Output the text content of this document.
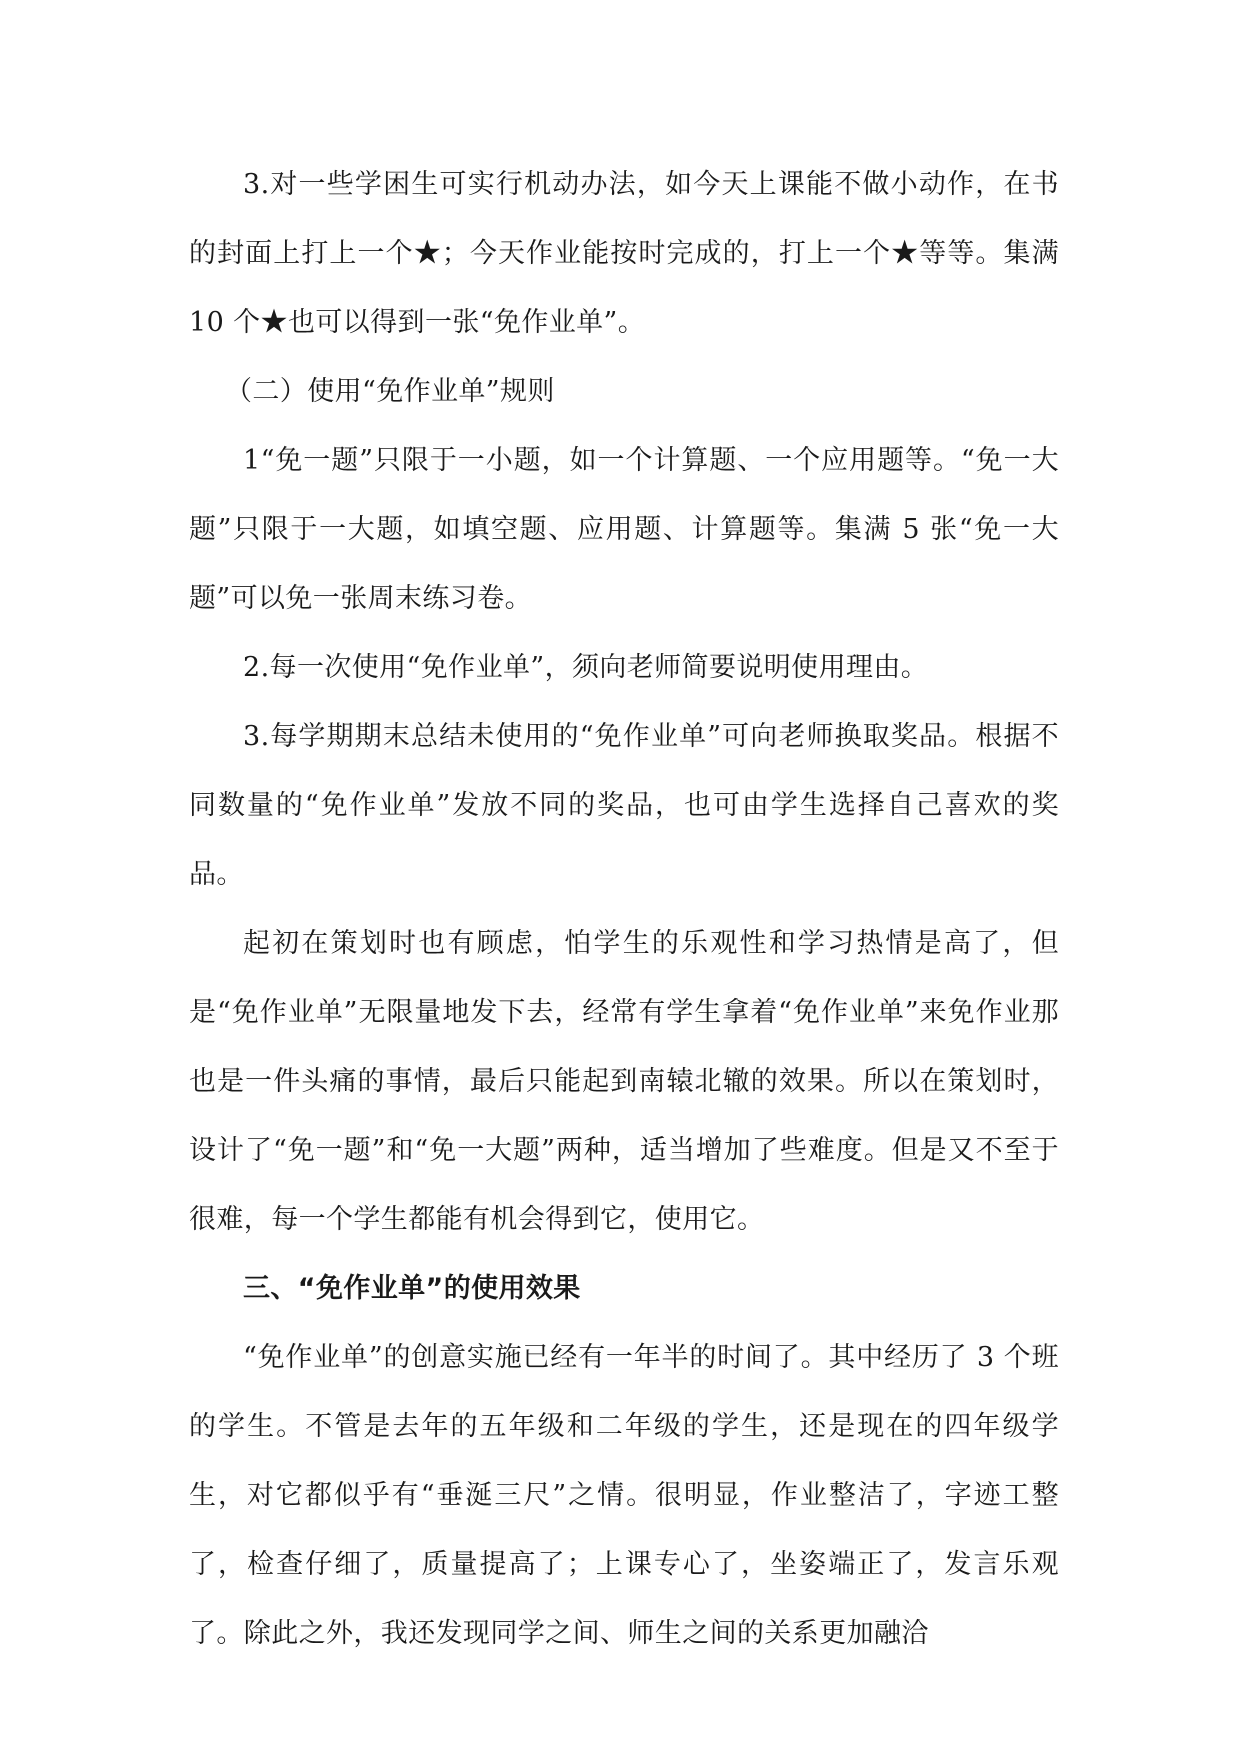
3.对一些学困生可实行机动办法，如今天上课能不做小动作，在书的封面上打上一个★；今天作业能按时完成的，打上一个★等等。集满 10 个★也可以得到一张“免作业单”。

（二）使用“免作业单”规则

1“免一题”只限于一小题，如一个计算题、一个应用题等。“免一大题”只限于一大题，如填空题、应用题、计算题等。集满 5 张“免一大题”可以免一张周末练习卷。

2.每一次使用“免作业单”，须向老师简要说明使用理由。

3.每学期期末总结未使用的“免作业单”可向老师换取奖品。根据不同数量的“免作业单”发放不同的奖品，也可由学生选择自己喜欢的奖品。

起初在策划时也有顾虑，怕学生的乐观性和学习热情是高了，但是“免作业单”无限量地发下去，经常有学生拿着“免作业单”来免作业那也是一件头痛的事情，最后只能起到南辕北辙的效果。所以在策划时，设计了“免一题”和“免一大题”两种，适当增加了些难度。但是又不至于很难，每一个学生都能有机会得到它，使用它。

三、“免作业单”的使用效果

“免作业单”的创意实施已经有一年半的时间了。其中经历了 3 个班的学生。不管是去年的五年级和二年级的学生，还是现在的四年级学生，对它都似乎有“垂涎三尺”之情。很明显，作业整洁了，字迹工整了，检查仔细了，质量提高了；上课专心了，坐姿端正了，发言乐观了。除此之外，我还发现同学之间、师生之间的关系更加融洽
